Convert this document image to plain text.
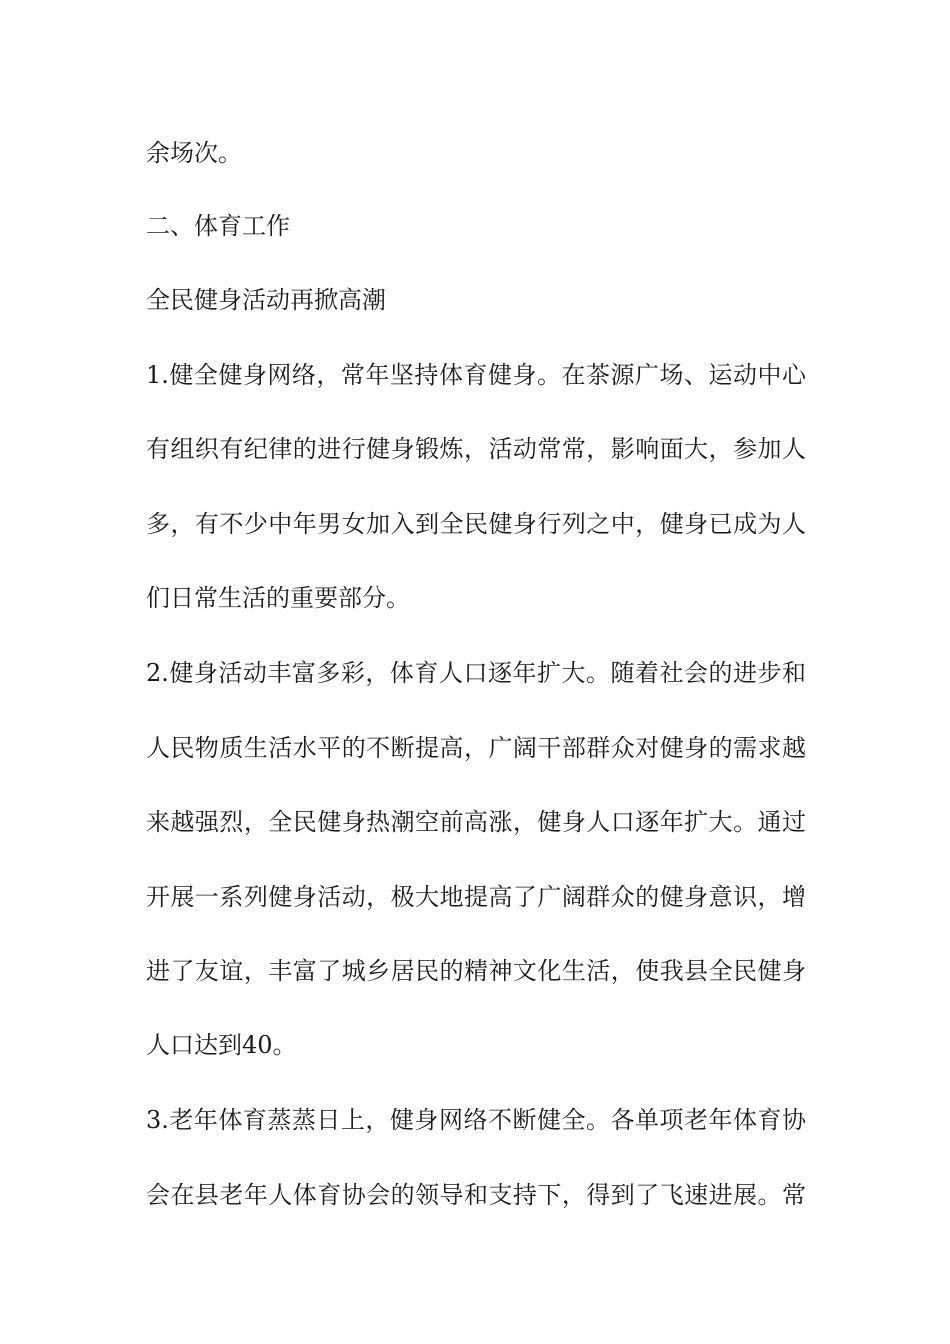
余场次。
二、体育工作
全民健身活动再掀高潮
1.健全健身网络，常年坚持体育健身。在茶源广场、运动中心
有组织有纪律的进行健身锻炼，活动常常，影响面大，参加人
多，有不少中年男女加入到全民健身行列之中，健身已成为人
们日常生活的重要部分。
2.健身活动丰富多彩，体育人口逐年扩大。随着社会的进步和
人民物质生活水平的不断提高，广阔干部群众对健身的需求越
来越强烈，全民健身热潮空前高涨，健身人口逐年扩大。通过
开展一系列健身活动，极大地提高了广阔群众的健身意识，增
进了友谊，丰富了城乡居民的精神文化生活，使我县全民健身
人口达到40。
3.老年体育蒸蒸日上，健身网络不断健全。各单项老年体育协
会在县老年人体育协会的领导和支持下，得到了飞速进展。常
